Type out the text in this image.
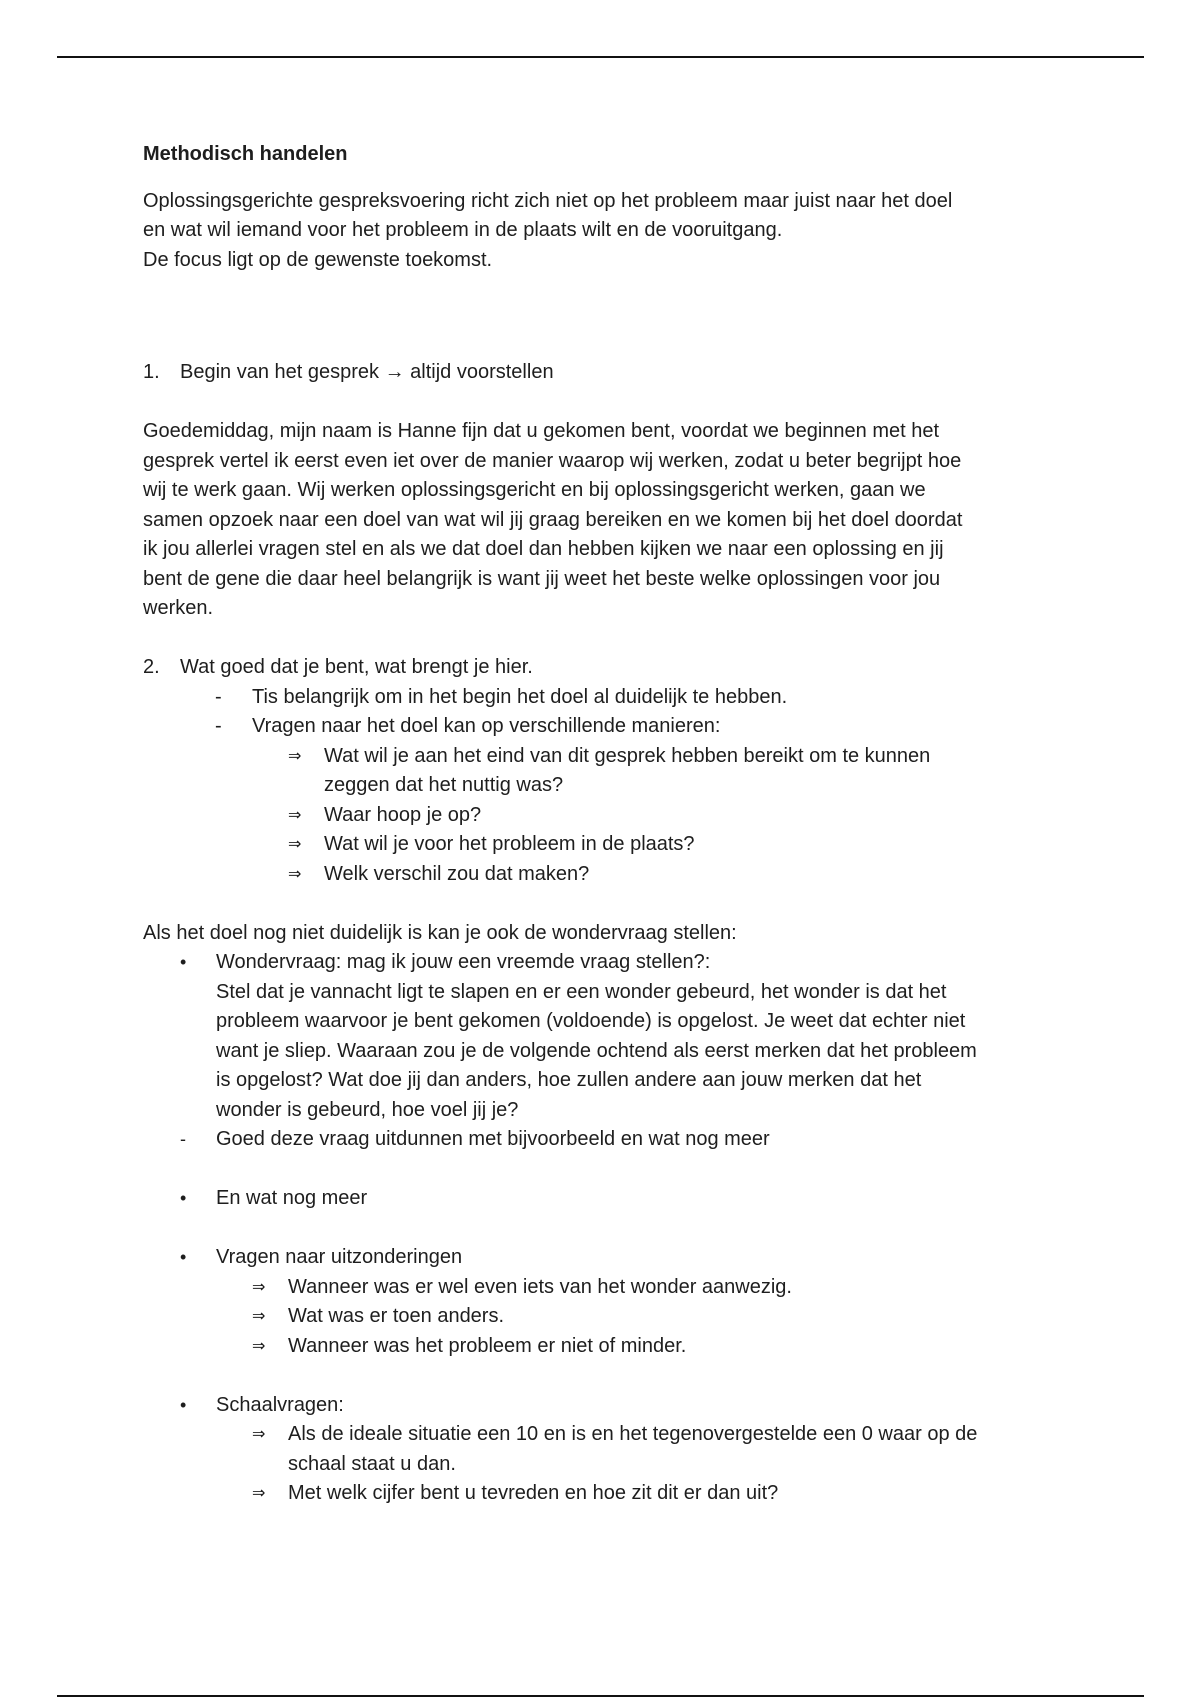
Methodisch handelen

Oplossingsgerichte gespreksvoering richt zich niet op het probleem maar juist naar het doel

en wat wil iemand voor het probleem in de plaats wilt en de vooruitgang.

De focus ligt op de gewenste toekomst.

1.	Begin van het gesprek → altijd voorstellen

Goedemiddag, mijn naam is Hanne fijn dat u gekomen bent, voordat we beginnen met het

gesprek vertel ik eerst even iet over de manier waarop wij werken, zodat u beter begrijpt hoe

wij te werk gaan. Wij werken oplossingsgericht en bij oplossingsgericht werken, gaan we

samen opzoek naar een doel van wat wil jij graag bereiken en we komen bij het doel doordat

ik jou allerlei vragen stel en als we dat doel dan hebben kijken we naar een oplossing en jij

bent de gene die daar heel belangrijk is want jij weet het beste welke oplossingen voor jou

werken.

2.	Wat goed dat je bent, wat brengt je hier.
-	Tis belangrijk om in het begin het doel al duidelijk te hebben.
-	Vragen naar het doel kan op verschillende manieren:
⇒	Wat wil je aan het eind van dit gesprek hebben bereikt om te kunnen
zeggen dat het nuttig was?
⇒	Waar hoop je op?
⇒	Wat wil je voor het probleem in de plaats?
⇒	Welk verschil zou dat maken?

Als het doel nog niet duidelijk is kan je ook de wondervraag stellen:

•	Wondervraag: mag ik jouw een vreemde vraag stellen?:
Stel dat je vannacht ligt te slapen en er een wonder gebeurd, het wonder is dat het
probleem waarvoor je bent gekomen (voldoende) is opgelost. Je weet dat echter niet
want je sliep. Waaraan zou je de volgende ochtend als eerst merken dat het probleem
is opgelost? Wat doe jij dan anders, hoe zullen andere aan jouw merken dat het
wonder is gebeurd, hoe voel jij je?
-	Goed deze vraag uitdunnen met bijvoorbeeld en wat nog meer
•	En wat nog meer
•	Vragen naar uitzonderingen
⇒	Wanneer was er wel even iets van het wonder aanwezig.
⇒	Wat was er toen anders.
⇒	Wanneer was het probleem er niet of minder.
•	Schaalvragen:
⇒	Als de ideale situatie een 10 en is en het tegenovergestelde een 0 waar op de
schaal staat u dan.
⇒	Met welk cijfer bent u tevreden en hoe zit dit er dan uit?
